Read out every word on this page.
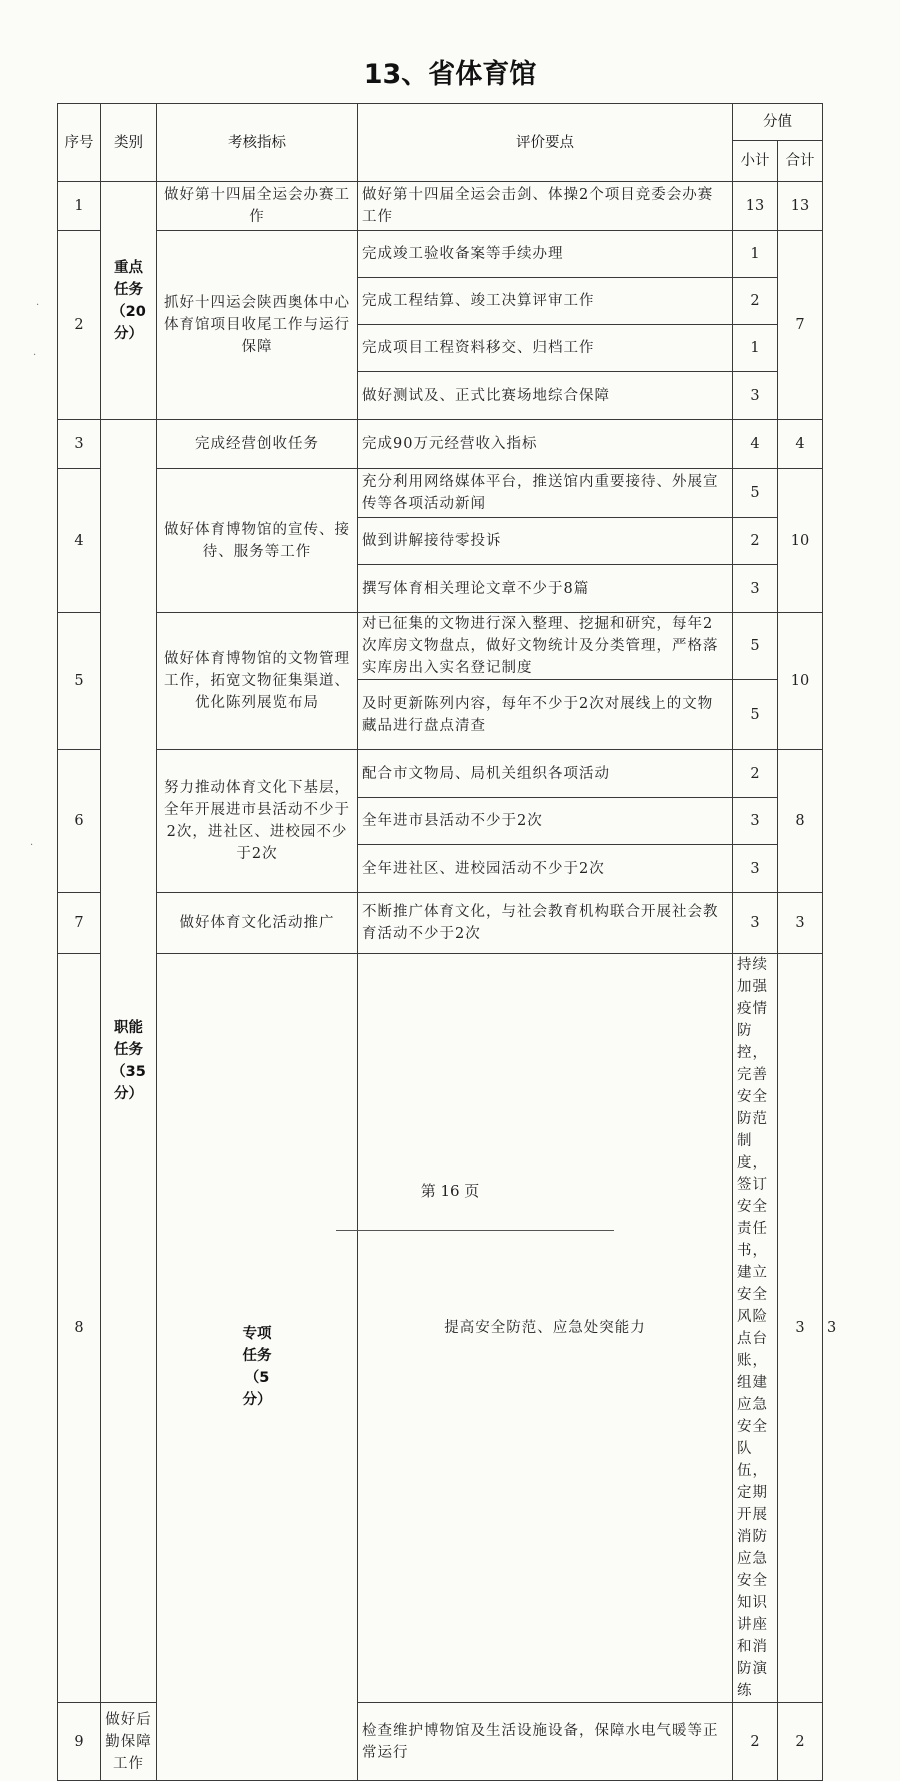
13、省体育馆
序号	类别	考核指标	评价要点	分值		
				小计	合计	
1	重点
任务
（20
分）	做好第十四届全运会办赛工作	做好第十四届全运会击剑、体操2个项目竞委会办赛工作	13	13	
2		抓好十四运会陕西奥体中心体育馆项目收尾工作与运行保障	完成竣工验收备案等手续办理	1	7	
			完成工程结算、竣工决算评审工作	2		
			完成项目工程资料移交、归档工作	1		
			做好测试及、正式比赛场地综合保障	3		
3	职能
任务
（35
分）	完成经营创收任务	完成90万元经营收入指标	4	4	
4		做好体育博物馆的宣传、接待、服务等工作	充分利用网络媒体平台，推送馆内重要接待、外展宣传等各项活动新闻	5	10	
			做到讲解接待零投诉	2		
			撰写体育相关理论文章不少于8篇	3		
5		做好体育博物馆的文物管理工作，拓宽文物征集渠道、优化陈列展览布局	对已征集的文物进行深入整理、挖掘和研究，每年2次库房文物盘点，做好文物统计及分类管理，严格落实库房出入实名登记制度	5	10	
			及时更新陈列内容，每年不少于2次对展线上的文物藏品进行盘点清查	5		
6		努力推动体育文化下基层，全年开展进市县活动不少于2次，进社区、进校园不少于2次	配合市文物局、局机关组织各项活动	2	8	
			全年进市县活动不少于2次	3		
			全年进社区、进校园活动不少于2次	3		
7		做好体育文化活动推广	不断推广体育文化，与社会教育机构联合开展社会教育活动不少于2次	3	3	
8		专项
任务
（5
分）	提高安全防范、应急处突能力	持续加强疫情防控，完善安全防范制度，签订安全责任书，建立安全风险点台账，组建应急安全队伍，定期开展消防应急安全知识讲座和消防演练	3	3
9	做好后勤保障工作		检查维护博物馆及生活设施设备，保障水电气暖等正常运行	2	2	
第 16 页
·
·
·
